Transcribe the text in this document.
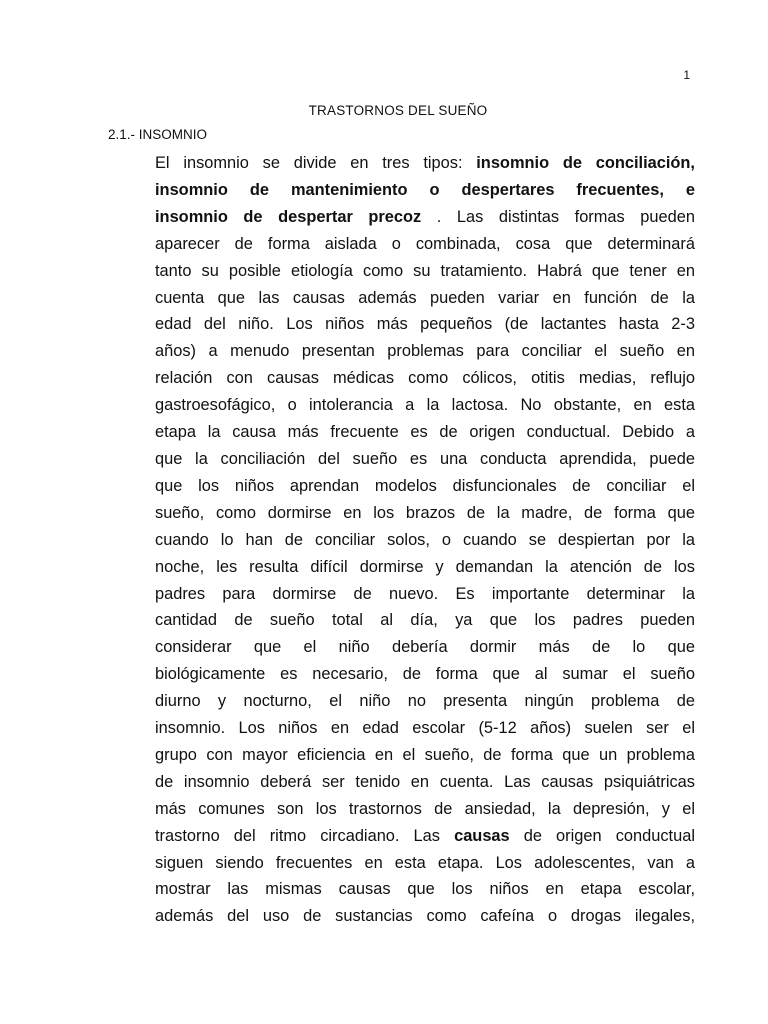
1
TRASTORNOS DEL SUEÑO
2.1.- INSOMNIO
El insomnio se divide en tres tipos: insomnio de conciliación,
insomnio de mantenimiento o despertares frecuentes, e
insomnio de despertar precoz . Las distintas formas pueden
aparecer de forma aislada o combinada, cosa que determinará
tanto su posible etiología como su tratamiento. Habrá que tener en
cuenta que las causas además pueden variar en función de la
edad del niño. Los niños más pequeños (de lactantes hasta 2-3
años) a menudo presentan problemas para conciliar el sueño en
relación con causas médicas como cólicos, otitis medias, reflujo
gastroesofágico, o intolerancia a la lactosa. No obstante, en esta
etapa la causa más frecuente es de origen conductual. Debido a
que la conciliación del sueño es una conducta aprendida, puede
que los niños aprendan modelos disfuncionales de conciliar el
sueño, como dormirse en los brazos de la madre, de forma que
cuando lo han de conciliar solos, o cuando se despiertan por la
noche, les resulta difícil dormirse y demandan la atención de los
padres para dormirse de nuevo. Es importante determinar la
cantidad de sueño total al día, ya que los padres pueden
considerar que el niño debería dormir más de lo que
biológicamente es necesario, de forma que al sumar el sueño
diurno y nocturno, el niño no presenta ningún problema de
insomnio. Los niños en edad escolar (5-12 años) suelen ser el
grupo con mayor eficiencia en el sueño, de forma que un problema
de insomnio deberá ser tenido en cuenta. Las causas psiquiátricas
más comunes son los trastornos de ansiedad, la depresión, y el
trastorno del ritmo circadiano. Las causas de origen conductual
siguen siendo frecuentes en esta etapa. Los adolescentes, van a
mostrar las mismas causas que los niños en etapa escolar,
además del uso de sustancias como cafeína o drogas ilegales,
